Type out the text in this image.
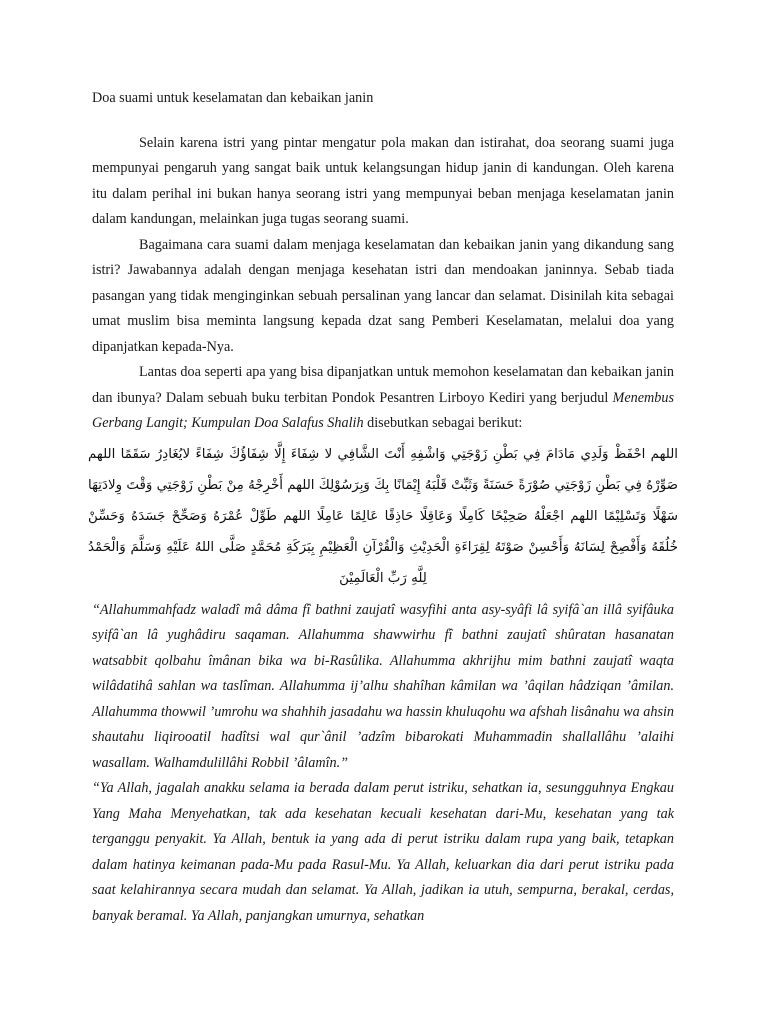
Doa suami untuk keselamatan dan kebaikan janin

Selain karena istri yang pintar mengatur pola makan dan istirahat, doa seorang suami juga mempunyai pengaruh yang sangat baik untuk kelangsungan hidup janin di kandungan. Oleh karena itu dalam perihal ini bukan hanya seorang istri yang mempunyai beban menjaga keselamatan janin dalam kandungan, melainkan juga tugas seorang suami.

Bagaimana cara suami dalam menjaga keselamatan dan kebaikan janin yang dikandung sang istri? Jawabannya adalah dengan menjaga kesehatan istri dan mendoakan janinnya. Sebab tiada pasangan yang tidak menginginkan sebuah persalinan yang lancar dan selamat. Disinilah kita sebagai umat muslim bisa meminta langsung kepada dzat sang Pemberi Keselamatan, melalui doa yang dipanjatkan kepada-Nya.

Lantas doa seperti apa yang bisa dipanjatkan untuk memohon keselamatan dan kebaikan janin dan ibunya? Dalam sebuah buku terbitan Pondok Pesantren Lirboyo Kediri yang berjudul Menembus Gerbang Langit; Kumpulan Doa Salafus Shalih disebutkan sebagai berikut:

اللهم احْفَظْ وَلَدِي مَادَامَ فِي بَطْنِ زَوْجَتِي وَاشْفِهِ أَنْتَ الشَّافِي لا شِفَاءَ إِلَّا شِفَاؤُكَ شِفَاءً لايُغَادِرُ سَقَمًا اللهم صَوِّرْهُ فِي بَطْنِ زَوْجَتِي صُوْرَةً حَسَنَةً وَثَبِّتْ قَلْبَهُ إِيْمَانًا بِكَ وَبِرَسُوْلِكَ اللهم أَخْرِجْهُ مِنْ بَطْنِ زَوْجَتِي وَقْتَ وِلادَتِهَا سَهْلًا وَتَسْلِيْمًا اللهم اجْعَلْهُ صَحِيْحًا كَامِلًا وَعَاقِلًا حَاذِقًا عَالِمًا عَامِلًا اللهم طَوِّلْ عُمْرَهُ وَصَحِّحْ جَسَدَهُ وَحَسِّنْ خُلُقَهُ وَأَفْصِحْ لِسَانَهُ وَأَحْسِنْ صَوْتَهُ لِقِرَاءَةِ الْحَدِيْثِ وَالْقُرْآنِ الْعَظِيْمِ بِبَرَكَةِ مُحَمَّدٍ صَلَّى اللهُ عَلَيْهِ وَسَلَّمَ وَالْحَمْدُ لِلَّهِ رَبِّ الْعَالَمِيْنَ

“Allahummahfadz waladî mâ dâma fî bathni zaujatî wasyfihi anta asy-syâfi lâ syifâ`an illâ syifâuka syifâ`an lâ yughâdiru saqaman. Allahumma shawwirhu fî bathni zaujatî shûratan hasanatan watsabbit qolbahu îmânan bika wa bi-Rasûlika. Allahumma akhrijhu mim bathni zaujatî waqta wilâdatihâ sahlan wa taslîman. Allahumma ij’alhu shahîhan kâmilan wa ’âqilan hâdziqan ’âmilan. Allahumma thowwil ’umrohu wa shahhih jasadahu wa hassin khuluqohu wa afshah lisânahu wa ahsin shautahu liqirooatil hadîtsi wal qur`ânil ’adzîm bibarokati Muhammadin shallallâhu ’alaihi wasallam. Walhamdulillâhi Robbil ’âlamîn.”

“Ya Allah, jagalah anakku selama ia berada dalam perut istriku, sehatkan ia, sesungguhnya Engkau Yang Maha Menyehatkan, tak ada kesehatan kecuali kesehatan dari-Mu, kesehatan yang tak terganggu penyakit. Ya Allah, bentuk ia yang ada di perut istriku dalam rupa yang baik, tetapkan dalam hatinya keimanan pada-Mu pada Rasul-Mu. Ya Allah, keluarkan dia dari perut istriku pada saat kelahirannya secara mudah dan selamat. Ya Allah, jadikan ia utuh, sempurna, berakal, cerdas, banyak beramal. Ya Allah, panjangkan umurnya, sehatkan
